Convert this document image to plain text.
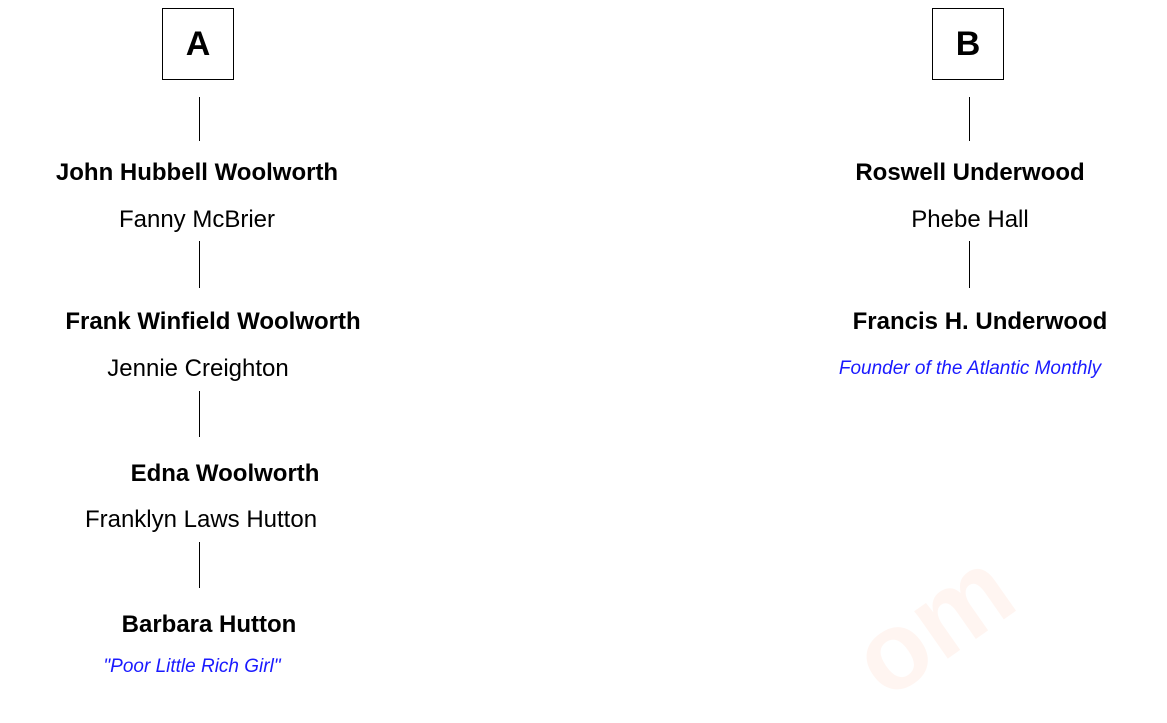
A
John Hubbell Woolworth
Fanny McBrier
Frank Winfield Woolworth
Jennie Creighton
Edna Woolworth
Franklyn Laws Hutton
Barbara Hutton
"Poor Little Rich Girl"
B
Roswell Underwood
Phebe Hall
Francis H. Underwood
Founder of the Atlantic Monthly
om
